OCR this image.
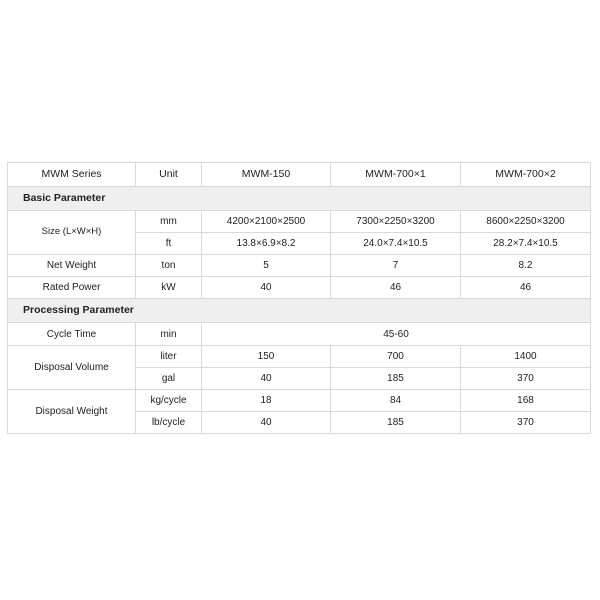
MWM Series	Unit	MWM-150	MWM-700×1	MWM-700×2

Basic Parameter				

Size (L×W×H)	mm	4200×2100×2500	7300×2250×3200	8600×2250×3200
	ft	13.8×6.9×8.2	24.0×7.4×10.5	28.2×7.4×10.5
Net Weight	ton	5	7	8.2
Rated Power	kW	40	46	46

Processing Parameter				

Cycle Time	min	45-60		
Disposal Volume	liter	150	700	1400
	gal	40	185	370
Disposal Weight	kg/cycle	18	84	168
	lb/cycle	40	185	370
